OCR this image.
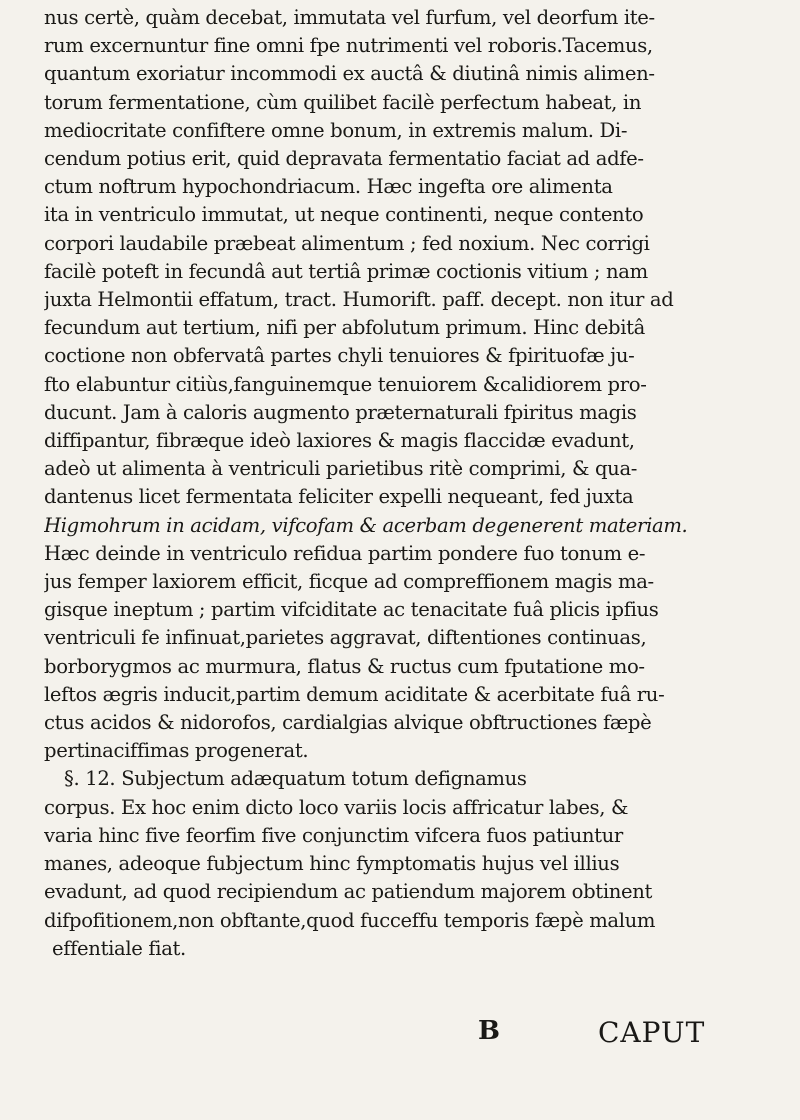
nus certè, quàm decebat, immutata vel furfum, vel deorfum ite-
rum excernuntur fine omni fpe nutrimenti vel roboris.Tacemus,
quantum exoriatur incommodi ex auctâ & diutinâ nimis alimen-
torum fermentatione, cùm quilibet facilè perfectum habeat, in
mediocritate confiftere omne bonum, in extremis malum. Di-
cendum potius erit, quid depravata fermentatio faciat ad adfe-
ctum noftrum hypochondriacum. Hæc ingefta ore alimenta
ita in ventriculo immutat, ut neque continenti, neque contento
corpori laudabile præbeat alimentum ; fed noxium. Nec corrigi
facilè poteft in fecundâ aut tertiâ primæ coctionis vitium ; nam
juxta Helmontii effatum, tract. Humorift. paff. decept. non itur ad
fecundum aut tertium, nifi per abfolutum primum. Hinc debitâ
coctione non obfervatâ partes chyli tenuiores & fpirituofæ ju-
fto elabuntur citiùs,fanguinemque tenuiorem &calidiorem pro-
ducunt. Jam à caloris augmento præternaturali fpiritus magis
diffipantur, fibræque ideò laxiores & magis flaccidæ evadunt,
adeò ut alimenta à ventriculi parietibus ritè comprimi, & qua-
dantenus licet fermentata feliciter expelli nequeant, fed juxta
Higmohrum in acidam, vifcofam & acerbam degenerent materiam.
Hæc deinde in ventriculo refidua partim pondere fuo tonum e-
jus femper laxiorem efficit, ficque ad compreffionem magis ma-
gisque ineptum ; partim vifciditate ac tenacitate fuâ plicis ipfius
ventriculi fe infinuat,parietes aggravat, diftentiones continuas,
borborygmos ac murmura, flatus & ructus cum fputatione mo-
leftos ægris inducit,partim demum aciditate & acerbitate fuâ ru-
ctus acidos & nidorofos, cardialgias alvique obftructiones fæpè
pertinaciffimas progenerat.
§. 12. Subjectum adæquatum totum defignamus
corpus. Ex hoc enim dicto loco variis locis affricatur labes, &
varia hinc five feorfim five conjunctim vifcera fuos patiuntur
manes, adeoque fubjectum hinc fymptomatis hujus vel illius
evadunt, ad quod recipiendum ac patiendum majorem obtinent
difpofitionem,non obftante,quod fucceffu temporis fæpè malum
effentiale fiat.
B	CAPUT
